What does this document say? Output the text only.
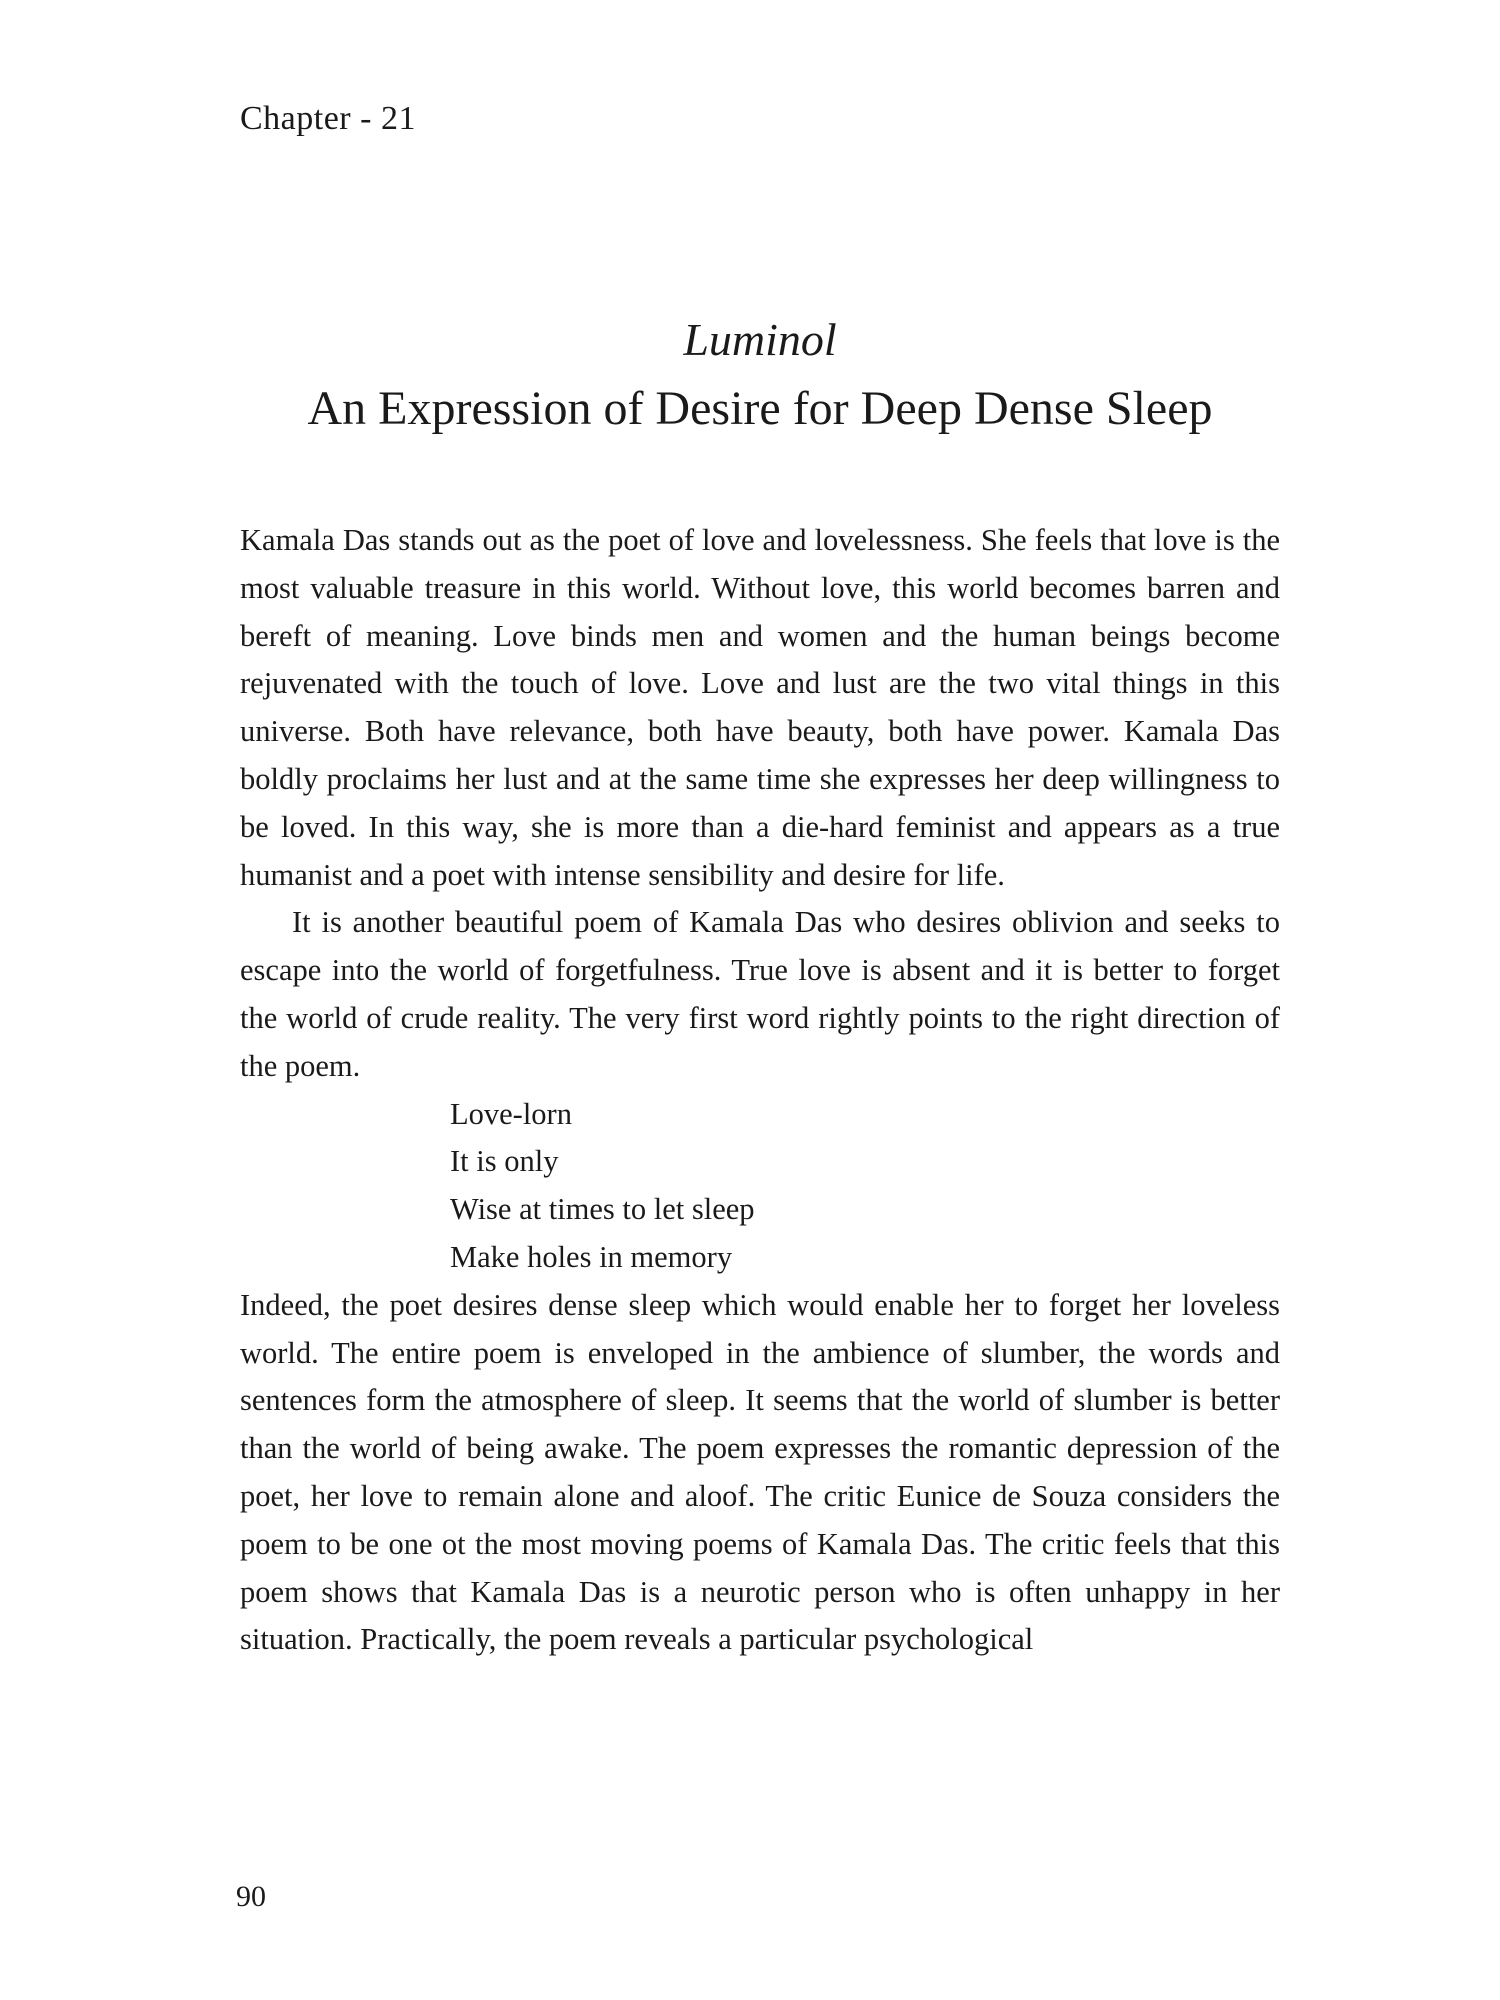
Chapter - 21
Luminol
An Expression of Desire for Deep Dense Sleep

Kamala Das stands out as the poet of love and lovelessness. She feels that love is the most valuable treasure in this world. Without love, this world becomes barren and bereft of meaning. Love binds men and women and the human beings become rejuvenated with the touch of love. Love and lust are the two vital things in this universe. Both have relevance, both have beauty, both have power. Kamala Das boldly proclaims her lust and at the same time she expresses her deep willingness to be loved. In this way, she is more than a die-hard feminist and appears as a true humanist and a poet with intense sensibility and desire for life.

It is another beautiful poem of Kamala Das who desires oblivion and seeks to escape into the world of forgetfulness. True love is absent and it is better to forget the world of crude reality. The very first word rightly points to the right direction of the poem.

Love-lorn
It is only
Wise at times to let sleep
Make holes in memory

Indeed, the poet desires dense sleep which would enable her to forget her loveless world. The entire poem is enveloped in the ambience of slumber, the words and sentences form the atmosphere of sleep. It seems that the world of slumber is better than the world of being awake. The poem expresses the romantic depression of the poet, her love to remain alone and aloof. The critic Eunice de Souza considers the poem to be one ot the most moving poems of Kamala Das. The critic feels that this poem shows that Kamala Das is a neurotic person who is often unhappy in her situation. Practically, the poem reveals a particular psychological

90
